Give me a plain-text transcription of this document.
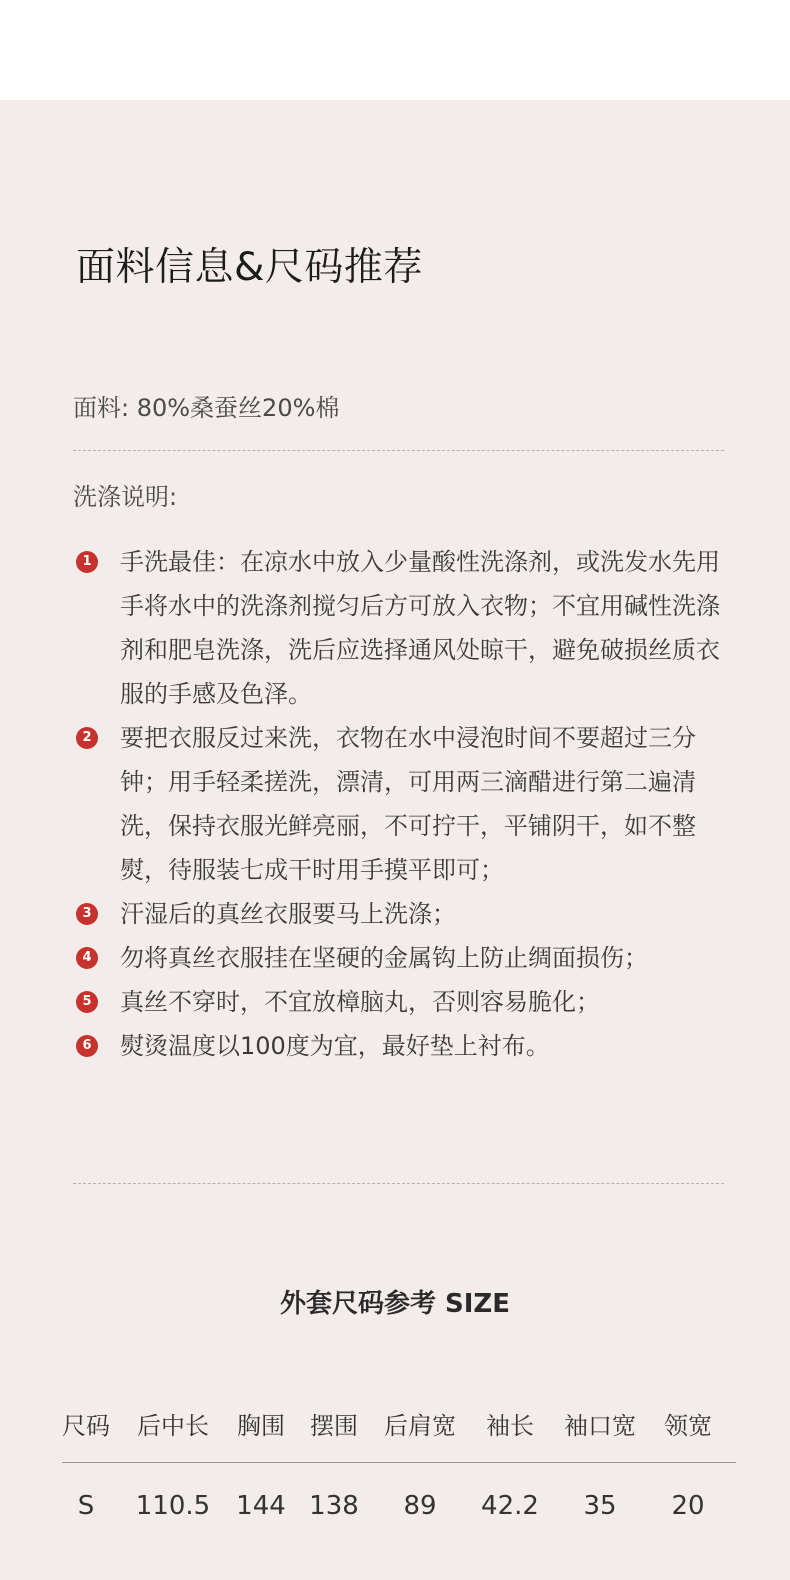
面料信息&尺码推荐
面料: 80%桑蚕丝20%棉
洗涤说明:
1 手洗最佳：在凉水中放入少量酸性洗涤剂，或洗发水先用手将水中的洗涤剂搅匀后方可放入衣物；不宜用碱性洗涤剂和肥皂洗涤，洗后应选择通风处晾干，避免破损丝质衣服的手感及色泽。
2 要把衣服反过来洗，衣物在水中浸泡时间不要超过三分钟；用手轻柔搓洗，漂清，可用两三滴醋进行第二遍清洗，保持衣服光鲜亮丽，不可拧干，平铺阴干，如不整熨，待服装七成干时用手摸平即可；
3 汗湿后的真丝衣服要马上洗涤；
4 勿将真丝衣服挂在坚硬的金属钩上防止绸面损伤；
5 真丝不穿时，不宜放樟脑丸，否则容易脆化；
6 熨烫温度以100度为宜，最好垫上衬布。
外套尺码参考 SIZE
尺码 后中长 胸围 摆围 后肩宽 袖长 袖口宽 领宽
S 110.5 144 138 89 42.2 35 20
